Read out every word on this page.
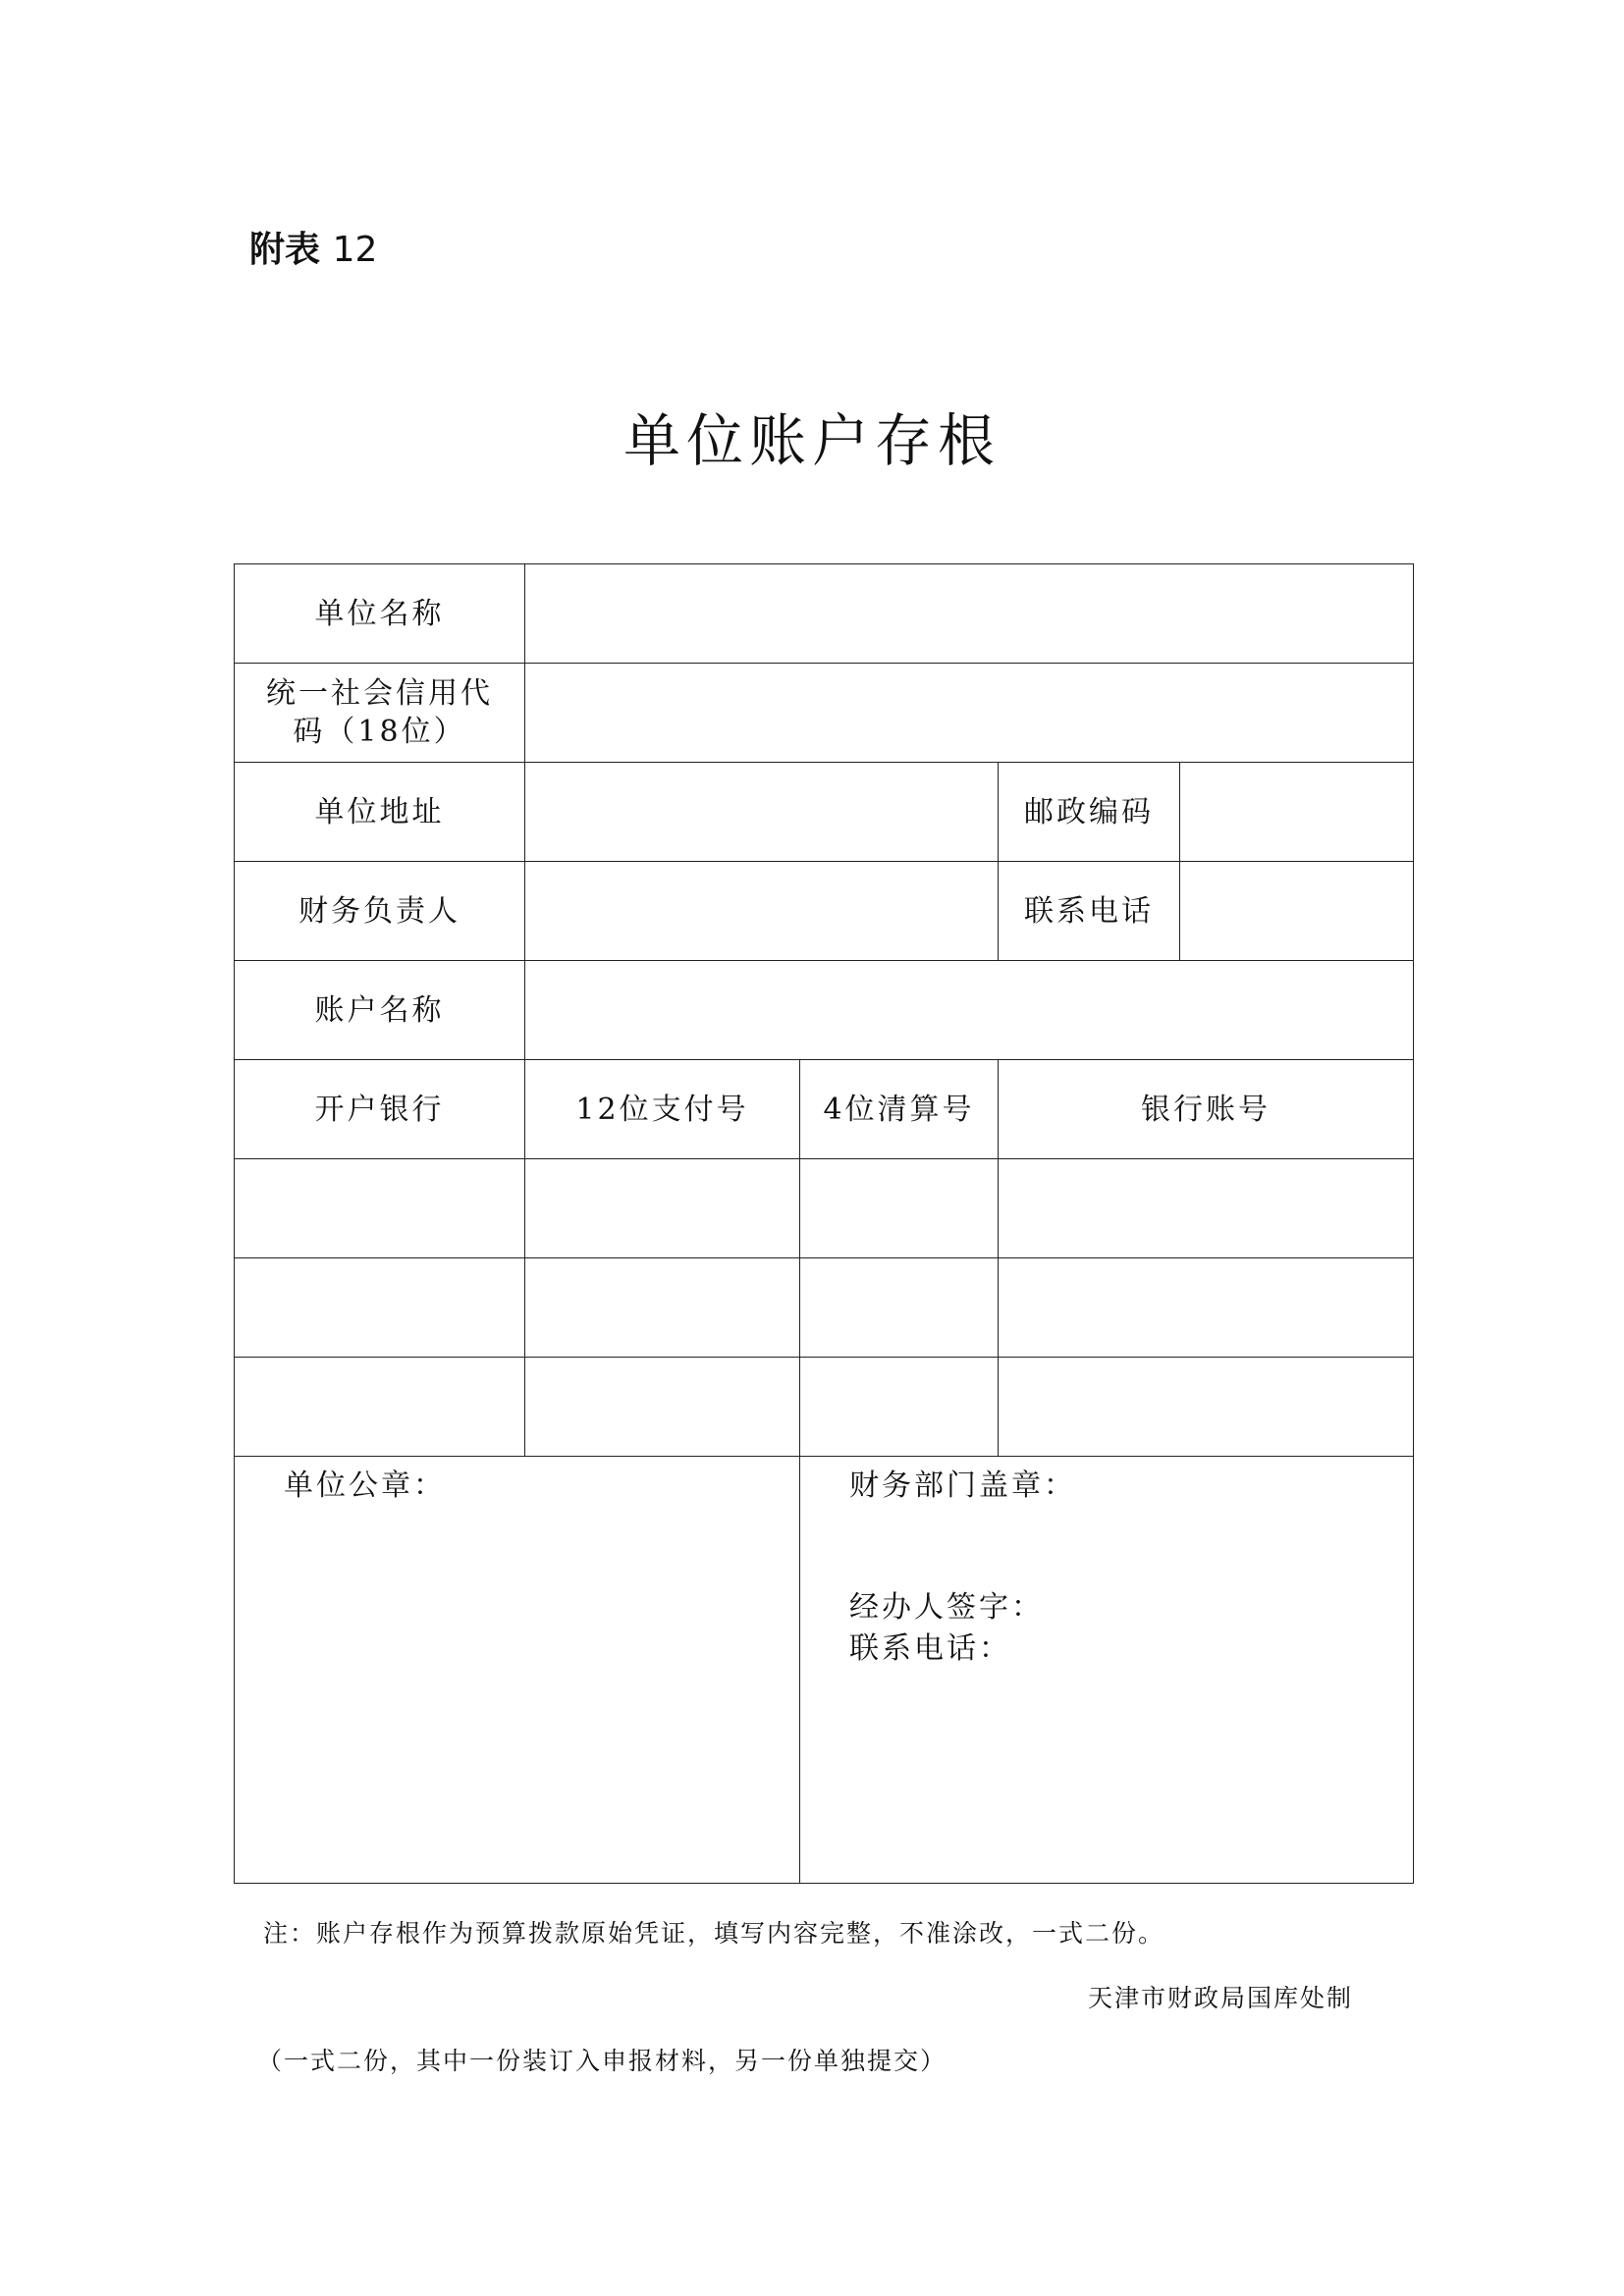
附表 12
单位账户存根
单位名称				
统一社会信用代码（18位）				
单位地址			邮政编码	
财务负责人			联系电话	
账户名称				
开户银行	12位支付号	4位清算号	银行账号	

单位公章：		财务部门盖章：
经办人签字：
联系电话：		
注：账户存根作为预算拨款原始凭证，填写内容完整，不准涂改，一式二份。
天津市财政局国库处制
（一式二份，其中一份装订入申报材料，另一份单独提交）
